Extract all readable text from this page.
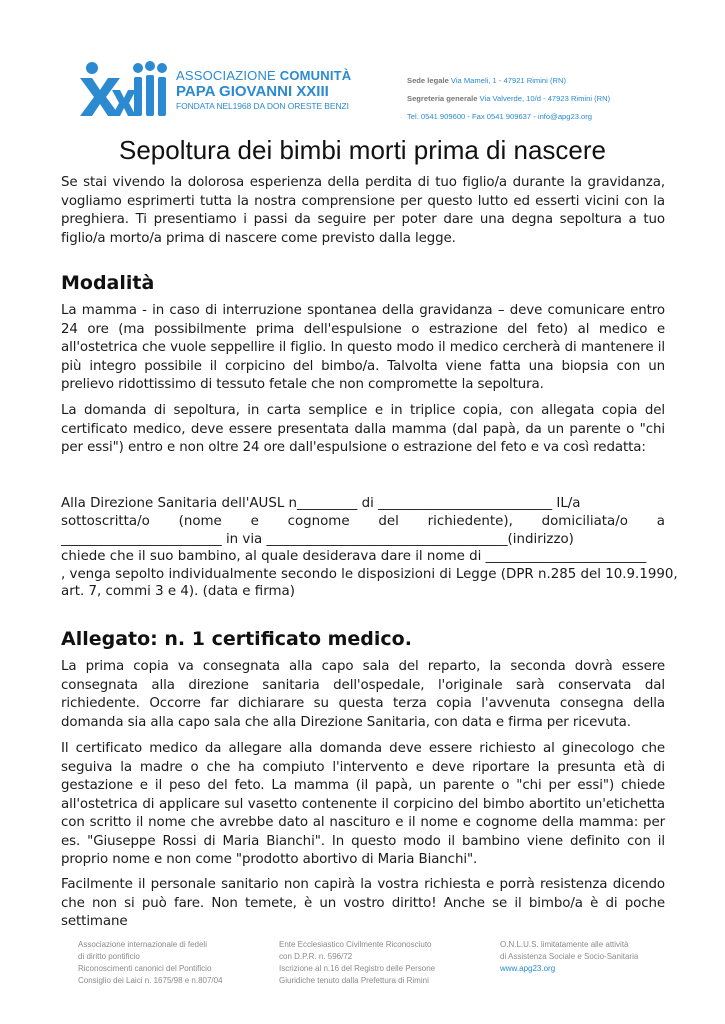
ASSOCIAZIONE COMUNITÀ
PAPA GIOVANNI XXIII
FONDATA NEL1968 DA DON ORESTE BENZI
Sede legale Via Mameli, 1 - 47921 Rimini (RN)
Segreteria generale Via Valverde, 10/d - 47923 Rimini (RN)
Tel. 0541 909600 - Fax 0541 909637 - info@apg23.org
Sepoltura dei bimbi morti prima di nascere
Se stai vivendo la dolorosa esperienza della perdita di tuo figlio/a durante la gravidanza, vogliamo esprimerti tutta la nostra comprensione per questo lutto ed esserti vicini con la preghiera. Ti presentiamo i passi da seguire per poter dare una degna sepoltura a tuo figlio/a morto/a prima di nascere come previsto dalla legge.
Modalità
La mamma - in caso di interruzione spontanea della gravidanza – deve comunicare entro 24 ore (ma possibilmente prima dell'espulsione o estrazione del feto) al medico e all'ostetrica che vuole seppellire il figlio. In questo modo il medico cercherà di mantenere il più integro possibile il corpicino del bimbo/a. Talvolta viene fatta una biopsia con un prelievo ridottissimo di tessuto fetale che non compromette la sepoltura.
La domanda di sepoltura, in carta semplice e in triplice copia, con allegata copia del certificato medico, deve essere presentata dalla mamma (dal papà, da un parente o "chi per essi") entro e non oltre 24 ore dall'espulsione o estrazione del feto e va così redatta:
Alla Direzione Sanitaria dell'AUSL n_________ di __________________________ IL/a
sottoscritta/o (nome e cognome del richiedente), domiciliata/o a
________________________ in via ____________________________________(indirizzo)
chiede che il suo bambino, al quale desiderava dare il nome di ________________________
, venga sepolto individualmente secondo le disposizioni di Legge (DPR n.285 del 10.9.1990,
art. 7, commi 3 e 4). (data e firma)
Allegato: n. 1 certificato medico.
La prima copia va consegnata alla capo sala del reparto, la seconda dovrà essere consegnata alla direzione sanitaria dell'ospedale, l'originale sarà conservata dal richiedente. Occorre far dichiarare su questa terza copia l'avvenuta consegna della domanda sia alla capo sala che alla Direzione Sanitaria, con data e firma per ricevuta.
Il certificato medico da allegare alla domanda deve essere richiesto al ginecologo che seguiva la madre o che ha compiuto l'intervento e deve riportare la presunta età di gestazione e il peso del feto. La mamma (il papà, un parente o "chi per essi") chiede all'ostetrica di applicare sul vasetto contenente il corpicino del bimbo abortito un'etichetta con scritto il nome che avrebbe dato al nascituro e il nome e cognome della mamma: per es. "Giuseppe Rossi di Maria Bianchi". In questo modo il bambino viene definito con il proprio nome e non come "prodotto abortivo di Maria Bianchi".
Facilmente il personale sanitario non capirà la vostra richiesta e porrà resistenza dicendo che non si può fare. Non temete, è un vostro diritto! Anche se il bimbo/a è di poche settimane
Associazione internazionale di fedeli
di diritto pontificio
Riconoscimenti canonici del Pontificio
Consiglio dei Laici n. 1675/98 e n.807/04
Ente Ecclesiastico Civilmente Riconosciuto
con D.P.R. n. 596/72
Iscrizione al n.16 del Registro delle Persone
Giuridiche tenuto dalla Prefettura di Rimini
O.N.L.U.S. limitatamente alle attività
di Assistenza Sociale e Socio-Sanitaria
www.apg23.org
